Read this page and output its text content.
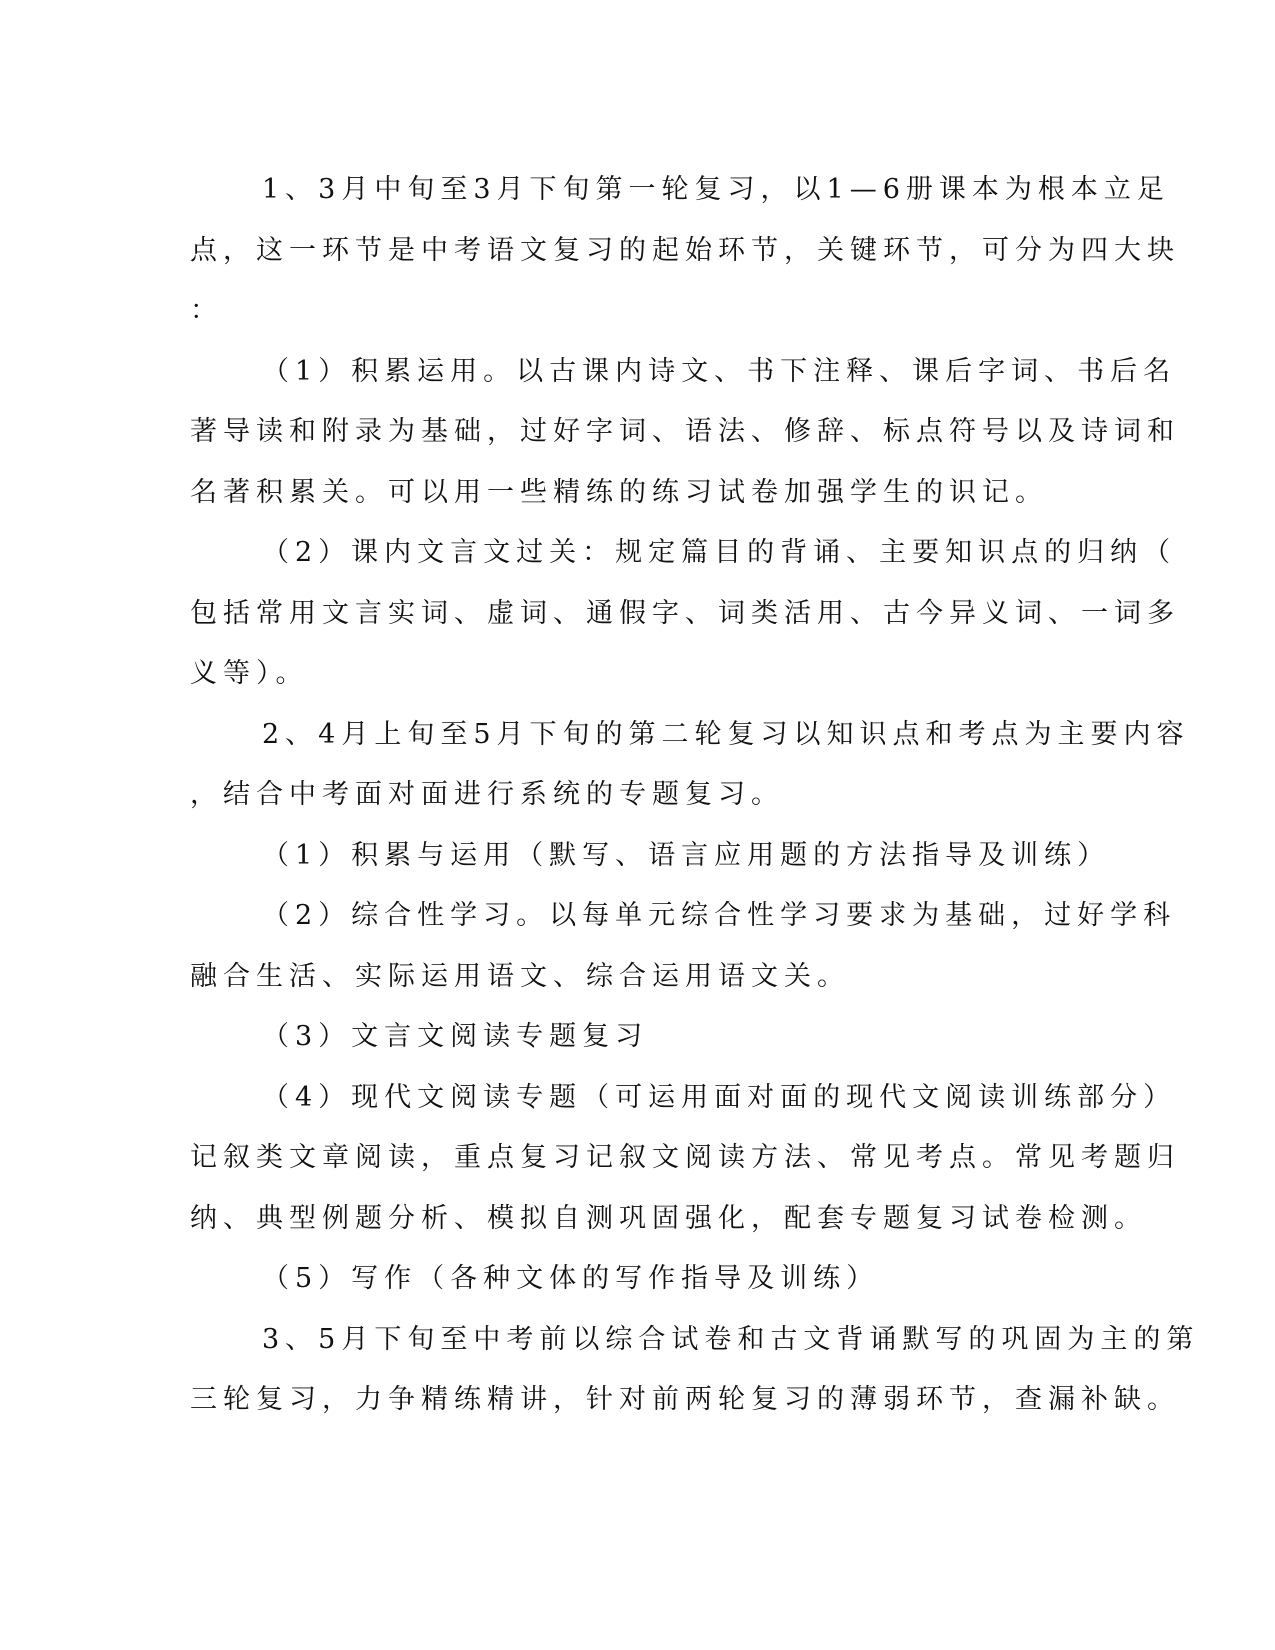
1、3月中旬至3月下旬第一轮复习，以1—6册课本为根本立足
点，这一环节是中考语文复习的起始环节，关键环节，可分为四大块
：
（1）积累运用。以古课内诗文、书下注释、课后字词、书后名
著导读和附录为基础，过好字词、语法、修辞、标点符号以及诗词和
名著积累关。可以用一些精练的练习试卷加强学生的识记。
（2）课内文言文过关：规定篇目的背诵、主要知识点的归纳（
包括常用文言实词、虚词、通假字、词类活用、古今异义词、一词多
义等）。
2、4月上旬至5月下旬的第二轮复习以知识点和考点为主要内容
，结合中考面对面进行系统的专题复习。
（1）积累与运用（默写、语言应用题的方法指导及训练）
（2）综合性学习。以每单元综合性学习要求为基础，过好学科
融合生活、实际运用语文、综合运用语文关。
（3）文言文阅读专题复习
（4）现代文阅读专题（可运用面对面的现代文阅读训练部分）
记叙类文章阅读，重点复习记叙文阅读方法、常见考点。常见考题归
纳、典型例题分析、模拟自测巩固强化，配套专题复习试卷检测。
（5）写作（各种文体的写作指导及训练）
3、5月下旬至中考前以综合试卷和古文背诵默写的巩固为主的第
三轮复习，力争精练精讲，针对前两轮复习的薄弱环节，查漏补缺。
